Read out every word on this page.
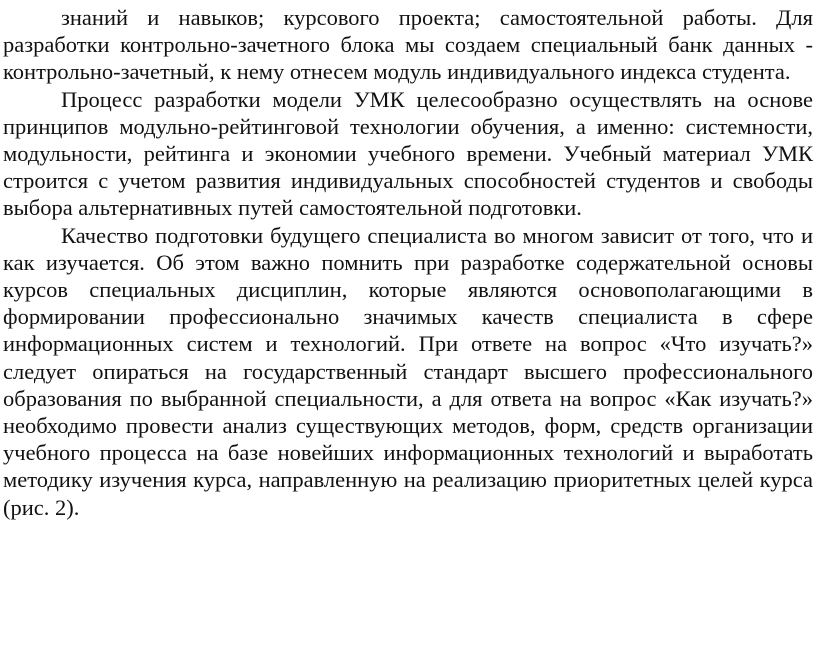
знаний и навыков; курсового проекта; самостоятельной работы. Для разработки контрольно-зачетного блока мы создаем специальный банк данных - контрольно-зачетный, к нему отнесем модуль индивидуального индекса студента.

Процесс разработки модели УМК целесообразно осуществлять на основе принципов модульно-рейтинговой технологии обучения, а именно: системности, модульности, рейтинга и экономии учебного времени. Учебный материал УМК строится с учетом развития индивидуальных способностей студентов и свободы выбора альтернативных путей самостоятельной подготовки.

Качество подготовки будущего специалиста во многом зависит от того, что и как изучается. Об этом важно помнить при разработке содержательной основы курсов специальных дисциплин, которые являются основополагающими в формировании профессионально значимых качеств специалиста в сфере информационных систем и технологий. При ответе на вопрос «Что изучать?» следует опираться на государственный стандарт высшего профессионального образования по выбранной специальности, а для ответа на вопрос «Как изучать?» необходимо провести анализ существующих методов, форм, средств организации учебного процесса на базе новейших информационных технологий и выработать методику изучения курса, направленную на реализацию приоритетных целей курса (рис. 2).
